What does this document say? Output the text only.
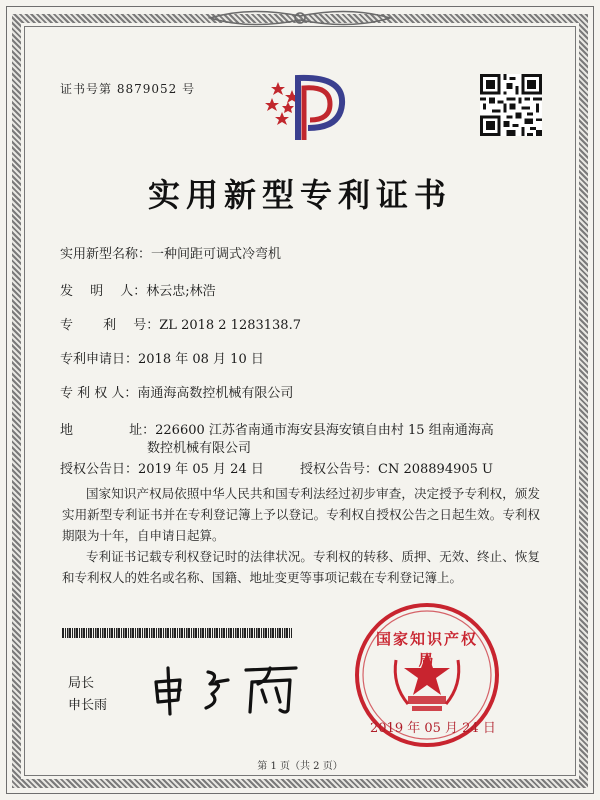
证书号第 8879052 号
实用新型专利证书
实用新型名称：一种间距可调式冷弯机
发　 明　 人：林云忠;林浩
专　　 利　 号：ZL 2018 2 1283138.7
专利申请日：2018 年 08 月 10 日
专 利 权 人：南通海高数控机械有限公司
地　　　　 址：226600 江苏省南通市海安县海安镇自由村 15 组南通海高
数控机械有限公司
授权公告日：2019 年 05 月 24 日	授权公告号：CN 208894905 U
国家知识产权局依照中华人民共和国专利法经过初步审查，决定授予专利权，颁发实用新型专利证书并在专利登记簿上予以登记。专利权自授权公告之日起生效。专利权期限为十年，自申请日起算。
专利证书记载专利权登记时的法律状况。专利权的转移、质押、无效、终止、恢复和专利权人的姓名或名称、国籍、地址变更等事项记载在专利登记簿上。
局长
申长雨
国家知识产权局
2019 年 05 月 24 日
第 1 页（共 2 页）
